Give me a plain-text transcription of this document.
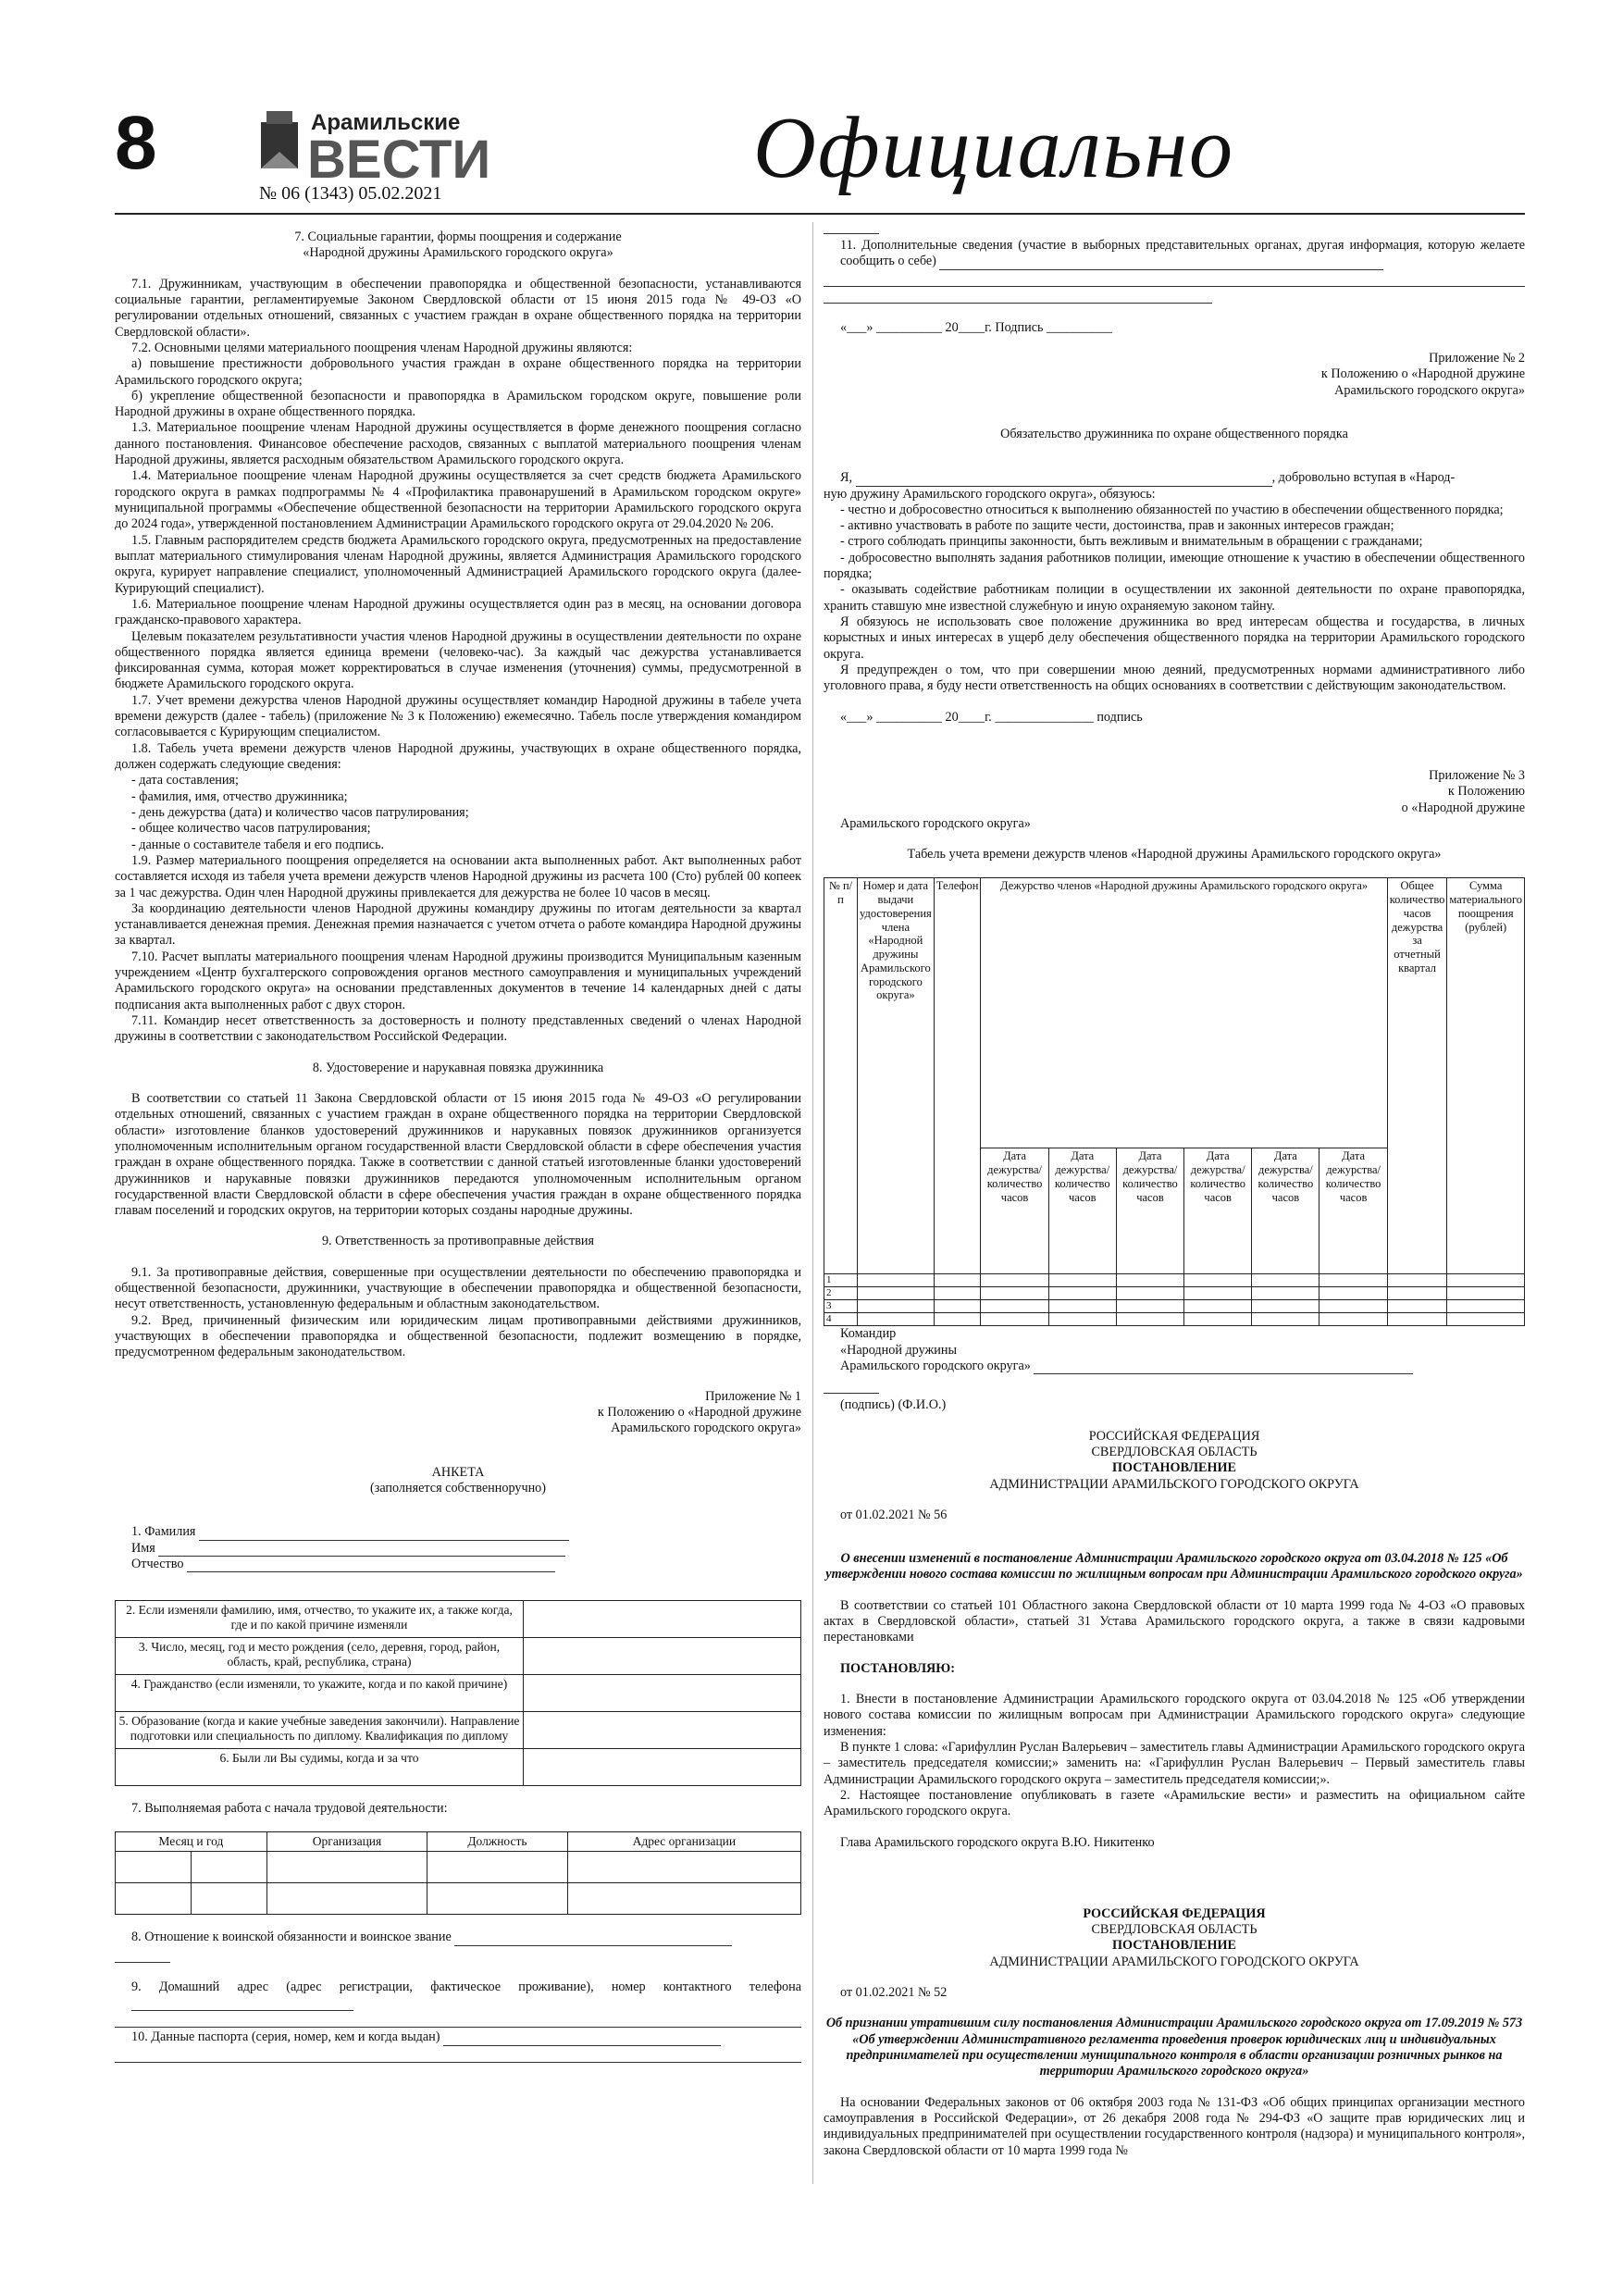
8	Арамильские
ВЕСТИ
№ 06 (1343) 05.02.2021	Официально
7. Социальные гарантии, формы поощрения и содержание
«Народной дружины Арамильского городского округа»

7.1. Дружинникам, участвующим в обеспечении правопорядка и общественной безопасности, устанавливаются социальные гарантии, регламентируемые Законом Свердловской области от 15 июня 2015 года № 49-ОЗ «О регулировании отдельных отношений, связанных с участием граждан в охране общественного порядка на территории Свердловской области».

7.2. Основными целями материального поощрения членам Народной дружины являются:

а) повышение престижности добровольного участия граждан в охране общественного порядка на территории Арамильского городского округа;

б) укрепление общественной безопасности и правопорядка в Арамильском городском округе, повышение роли Народной дружины в охране общественного порядка.

1.3. Материальное поощрение членам Народной дружины осуществляется в форме денежного поощрения согласно данного постановления. Финансовое обеспечение расходов, связанных с выплатой материального поощрения членам Народной дружины, является расходным обязательством Арамильского городского округа.

1.4. Материальное поощрение членам Народной дружины осуществляется за счет средств бюджета Арамильского городского округа в рамках подпрограммы № 4 «Профилактика правонарушений в Арамильском городском округе» муниципальной программы «Обеспечение общественной безопасности на территории Арамильского городского округа до 2024 года», утвержденной постановлением Администрации Арамильского городского округа от 29.04.2020 № 206.

1.5. Главным распорядителем средств бюджета Арамильского городского округа, предусмотренных на предоставление выплат материального стимулирования членам Народной дружины, является Администрация Арамильского городского округа, курирует направление специалист, уполномоченный Администрацией Арамильского городского округа (далее-Курирующий специалист).

1.6. Материальное поощрение членам Народной дружины осуществляется один раз в месяц, на основании договора гражданско-правового характера.

Целевым показателем результативности участия членов Народной дружины в осуществлении деятельности по охране общественного порядка является единица времени (человеко-час). За каждый час дежурства устанавливается фиксированная сумма, которая может корректироваться в случае изменения (уточнения) суммы, предусмотренной в бюджете Арамильского городского округа.

1.7. Учет времени дежурства членов Народной дружины осуществляет командир Народной дружины в табеле учета времени дежурств (далее - табель) (приложение № 3 к Положению) ежемесячно. Табель после утверждения командиром согласовывается с Курирующим специалистом.

1.8. Табель учета времени дежурств членов Народной дружины, участвующих в охране общественного порядка, должен содержать следующие сведения:

- дата составления;

- фамилия, имя, отчество дружинника;

- день дежурства (дата) и количество часов патрулирования;

- общее количество часов патрулирования;

- данные о составителе табеля и его подпись.

1.9. Размер материального поощрения определяется на основании акта выполненных работ. Акт выполненных работ составляется исходя из табеля учета времени дежурств членов Народной дружины из расчета 100 (Сто) рублей 00 копеек за 1 час дежурства. Один член Народной дружины привлекается для дежурства не более 10 часов в месяц.

За координацию деятельности членов Народной дружины командиру дружины по итогам деятельности за квартал устанавливается денежная премия. Денежная премия назначается с учетом отчета о работе командира Народной дружины за квартал.

7.10. Расчет выплаты материального поощрения членам Народной дружины производится Муниципальным казенным учреждением «Центр бухгалтерского сопровождения органов местного самоуправления и муниципальных учреждений Арамильского городского округа» на основании представленных документов в течение 14 календарных дней с даты подписания акта выполненных работ с двух сторон.

7.11. Командир несет ответственность за достоверность и полноту представленных сведений о членах Народной дружины в соответствии с законодательством Российской Федерации.

8. Удостоверение и нарукавная повязка дружинника

В соответствии со статьей 11 Закона Свердловской области от 15 июня 2015 года № 49-ОЗ «О регулировании отдельных отношений, связанных с участием граждан в охране общественного порядка на территории Свердловской области» изготовление бланков удостоверений дружинников и нарукавных повязок дружинников организуется уполномоченным исполнительным органом государственной власти Свердловской области в сфере обеспечения участия граждан в охране общественного порядка. Также в соответствии с данной статьей изготовленные бланки удостоверений дружинников и нарукавные повязки дружинников передаются уполномоченным исполнительным органом государственной власти Свердловской области в сфере обеспечения участия граждан в охране общественного порядка главам поселений и городских округов, на территории которых созданы народные дружины.

9. Ответственность за противоправные действия

9.1. За противоправные действия, совершенные при осуществлении деятельности по обеспечению правопорядка и общественной безопасности, дружинники, участвующие в обеспечении правопорядка и общественной безопасности, несут ответственность, установленную федеральным и областным законодательством.

9.2. Вред, причиненный физическим или юридическим лицам противоправными действиями дружинников, участвующих в обеспечении правопорядка и общественной безопасности, подлежит возмещению в порядке, предусмотренном федеральным законодательством.

Приложение № 1
к Положению о «Народной дружине
Арамильского городского округа»
АНКЕТА
(заполняется собственноручно)
1. Фамилия
Имя
Отчество
2. Если изменяли фамилию, имя, отчество, то укажите их, а также когда, где и по какой причине изменяли	
3. Число, месяц, год и место рождения (село, деревня, город, район, область, край, республика, страна)	
4. Гражданство (если изменяли, то укажите, когда и по какой причине)	
5. Образование (когда и какие учебные заведения закончили). Направление подготовки или специальность по диплому. Квалификация по диплому	
6. Были ли Вы судимы, когда и за что	
7. Выполняемая работа с начала трудовой деятельности:
Месяц и год		Организация	Должность	Адрес организации

8. Отношение к воинской обязанности и воинское звание
9. Домашний адрес (адрес регистрации, фактическое проживание), номер контактного телефона
10. Данные паспорта (серия, номер, кем и когда выдан)
11. Дополнительные сведения (участие в выборных представительных органах, другая информация, которую желаете сообщить о себе)
«___» __________ 20____г. Подпись __________
Приложение № 2
к Положению о «Народной дружине
Арамильского городского округа»
Обязательство дружинника по охране общественного порядка
Я,	, добровольно вступая в «Народ-
ную дружину Арамильского городского округа», обязуюсь:

- честно и добросовестно относиться к выполнению обязанностей по участию в обеспечении общественного порядка;

- активно участвовать в работе по защите чести, достоинства, прав и законных интересов граждан;

- строго соблюдать принципы законности, быть вежливым и внимательным в обращении с гражданами;

- добросовестно выполнять задания работников полиции, имеющие отношение к участию в обеспечении общественного порядка;

- оказывать содействие работникам полиции в осуществлении их законной деятельности по охране правопорядка, хранить ставшую мне известной служебную и иную охраняемую законом тайну.

Я обязуюсь не использовать свое положение дружинника во вред интересам общества и государства, в личных корыстных и иных интересах в ущерб делу обеспечения общественного порядка на территории Арамильского городского округа.

Я предупрежден о том, что при совершении мною деяний, предусмотренных нормами административного либо уголовного права, я буду нести ответственность на общих основаниях в соответствии с действующим законодательством.

«___» __________ 20____г. _______________ подпись
Приложение № 3
к Положению
о «Народной дружине
Арамильского городского округа»
Табель учета времени дежурств членов «Народной дружины Арамильского городского округа»
№ п/п	Номер и дата выдачи удостоверения члена «Народной дружины Арамильского городского округа»	Телефон	Дежурство членов «Народной дружины Арамильского городского округа»						Общее количество часов дежурства за отчетный квартал	Сумма материального поощрения (рублей)
			Дата дежурства/количество часов	Дата дежурства/количество часов	Дата дежурства/количество часов	Дата дежурства/количество часов	Дата дежурства/количество часов	Дата дежурства/количество часов		
1										
2										
3										
4										
Командир
«Народной дружины
Арамильского городского округа»
(подпись) (Ф.И.О.)
РОССИЙСКАЯ ФЕДЕРАЦИЯ
СВЕРДЛОВСКАЯ ОБЛАСТЬ
ПОСТАНОВЛЕНИЕ
АДМИНИСТРАЦИИ АРАМИЛЬСКОГО ГОРОДСКОГО ОКРУГА
от 01.02.2021 № 56
О внесении изменений в постановление Администрации Арамильского городского округа от 03.04.2018 № 125 «Об утверждении нового состава комиссии по жилищным вопросам при Администрации Арамильского городского округа»

В соответствии со статьей 101 Областного закона Свердловской области от 10 марта 1999 года № 4-ОЗ «О правовых актах в Свердловской области», статьей 31 Устава Арамильского городского округа, а также в связи кадровыми перестановками

ПОСТАНОВЛЯЮ:

1. Внести в постановление Администрации Арамильского городского округа от 03.04.2018 № 125 «Об утверждении нового состава комиссии по жилищным вопросам при Администрации Арамильского городского округа» следующие изменения:

В пункте 1 слова: «Гарифуллин Руслан Валерьевич – заместитель главы Администрации Арамильского городского округа – заместитель председателя комиссии;» заменить на: «Гарифуллин Руслан Валерьевич – Первый заместитель главы Администрации Арамильского городского округа – заместитель председателя комиссии;».

2. Настоящее постановление опубликовать в газете «Арамильские вести» и разместить на официальном сайте Арамильского городского округа.

Глава Арамильского городского округа В.Ю. Никитенко
РОССИЙСКАЯ ФЕДЕРАЦИЯ
СВЕРДЛОВСКАЯ ОБЛАСТЬ
ПОСТАНОВЛЕНИЕ
АДМИНИСТРАЦИИ АРАМИЛЬСКОГО ГОРОДСКОГО ОКРУГА
от 01.02.2021 № 52
Об признании утратившим силу постановления Администрации Арамильского городского округа от 17.09.2019 № 573 «Об утверждении Административного регламента проведения проверок юридических лиц и индивидуальных предпринимателей при осуществлении муниципального контроля в области организации розничных рынков на территории Арамильского городского округа»

На основании Федеральных законов от 06 октября 2003 года № 131-ФЗ «Об общих принципах организации местного самоуправления в Российской Федерации», от 26 декабря 2008 года № 294-ФЗ «О защите прав юридических лиц и индивидуальных предпринимателей при осуществлении государственного контроля (надзора) и муниципального контроля», закона Свердловской области от 10 марта 1999 года №
